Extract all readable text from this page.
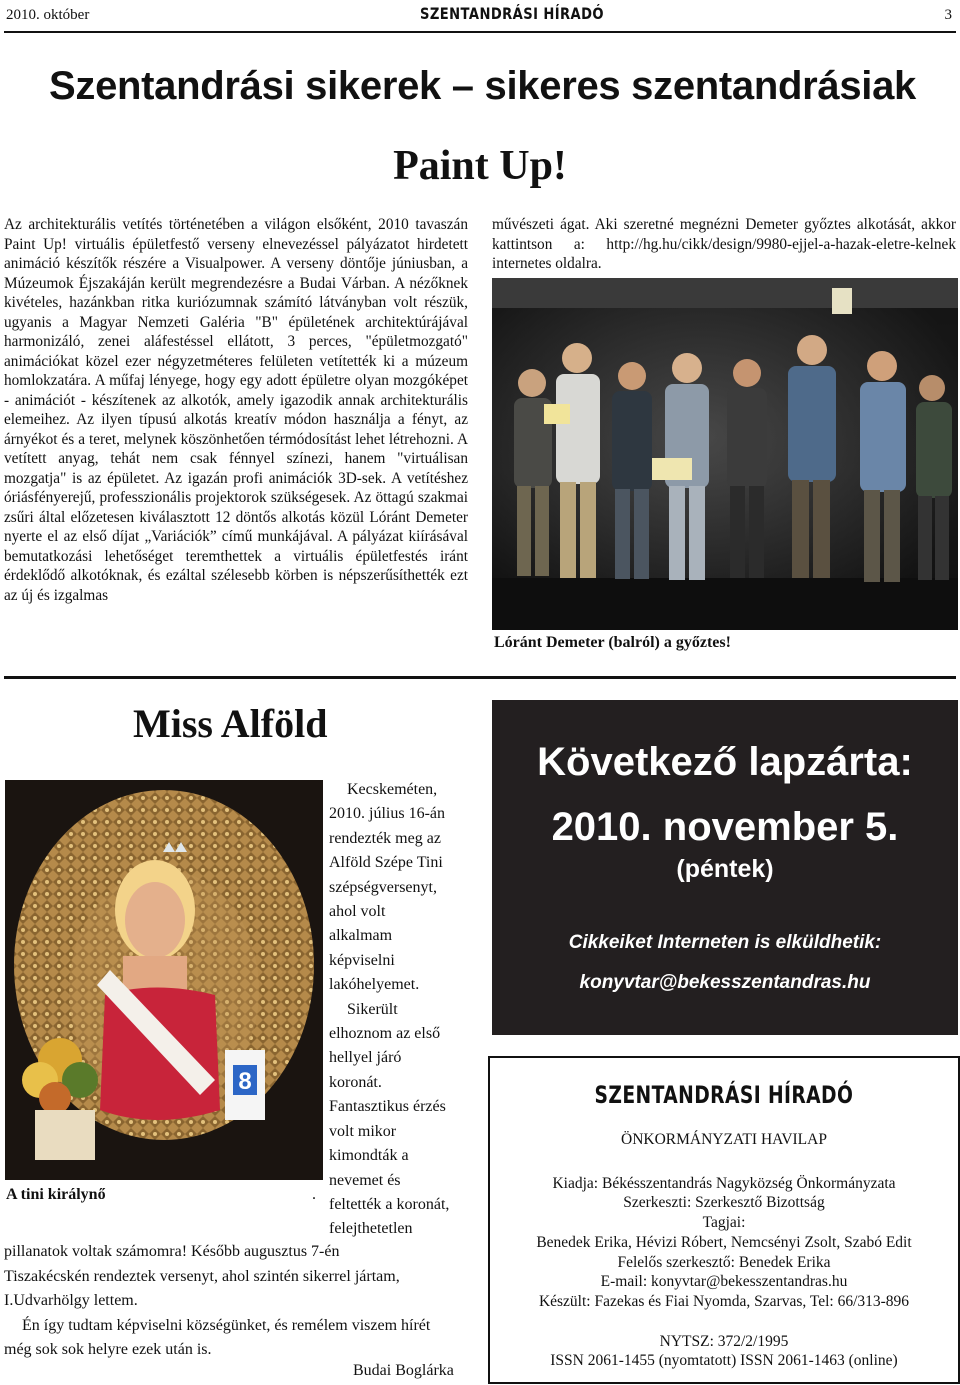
2010. október	SZENTANDRÁSI HÍRADÓ	3
Szentandrási sikerek – sikeres szentandrásiak
Paint Up!

Az architekturális vetítés történetében a világon elsőként, 2010 tavaszán Paint Up! virtuális épületfestő verseny elnevezéssel pályázatot hirdetett animáció készítők részére a Visualpower. A verseny döntője júniusban, a Múzeumok Éjszakáján került megrendezésre a Budai Várban. A nézőknek kivételes, hazánkban ritka kuriózumnak számító látványban volt részük, ugyanis a Magyar Nemzeti Galéria "B" épületének architektúrájával harmonizáló, zenei aláfestéssel ellátott, 3 perces, "épületmozgató" animációkat közel ezer négyzetméteres felületen vetítették ki a múzeum homlokzatára. A műfaj lényege, hogy egy adott épületre olyan mozgóképet - animációt - készítenek az alkotók, amely igazodik annak architekturális elemeihez. Az ilyen típusú alkotás kreatív módon használja a fényt, az árnyékot és a teret, melynek köszönhetően térmódosítást lehet létrehozni. A vetített anyag, tehát nem csak fénnyel színezi, hanem "virtuálisan mozgatja" is az épületet. Az igazán profi animációk 3D-sek. A vetítéshez óriásfényerejű, professzionális projektorok szükségesek. Az öttagú szakmai zsűri által előzetesen kiválasztott 12 döntős alkotás közül Lóránt Demeter nyerte el az első díjat „Variációk” című munkájával. A pályázat kiírásával bemutatkozási lehetőséget teremthettek a virtuális épületfestés iránt érdeklődő alkotóknak, és ezáltal szélesebb körben is népszerűsíthették ezt az új és izgalmas

művészeti ágat. Aki szeretné megnézni Demeter győztes alkotását, akkor kattintson a: http://hg.hu/cikk/design/9980-ejjel-a-hazak-eletre-kelnek internetes oldalra.

Lóránt Demeter (balról) a győztes!
Miss Alföld
8
A tini királynő	.
Kecskeméten,
2010. július 16-án
rendezték meg az
Alföld Szépe Tini
szépségversenyt,
ahol volt
alkalmam
képviselni
lakóhelyemet.
Sikerült
elhoznom az első
hellyel járó
koronát.
Fantasztikus érzés
volt mikor
kimondták a
nevemet és
feltették a koronát,
felejthetetlen
pillanatok voltak számomra! Később augusztus 7-én
Tiszakécskén rendeztek versenyt, ahol szintén sikerrel jártam,
I.Udvarhölgy lettem.
Én így tudtam képviselni községünket, és remélem viszem hírét
még sok sok helyre ezek után is.
Budai Boglárka
Következő lapzárta:
2010. november 5.
(péntek)
Cikkeiket Interneten is elküldhetik:
konyvtar@bekesszentandras.hu
SZENTANDRÁSI HÍRADÓ
ÖNKORMÁNYZATI HAVILAP
Kiadja: Békésszentandrás Nagyközség Önkormányzata
Szerkeszti: Szerkesztő Bizottság
Tagjai:
Benedek Erika, Hévizi Róbert, Nemcsényi Zsolt, Szabó Edit
Felelős szerkesztő: Benedek Erika
E-mail: konyvtar@bekesszentandras.hu
Készült: Fazekas és Fiai Nyomda, Szarvas, Tel: 66/313-896
NYTSZ: 372/2/1995
ISSN 2061-1455 (nyomtatott) ISSN 2061-1463 (online)
